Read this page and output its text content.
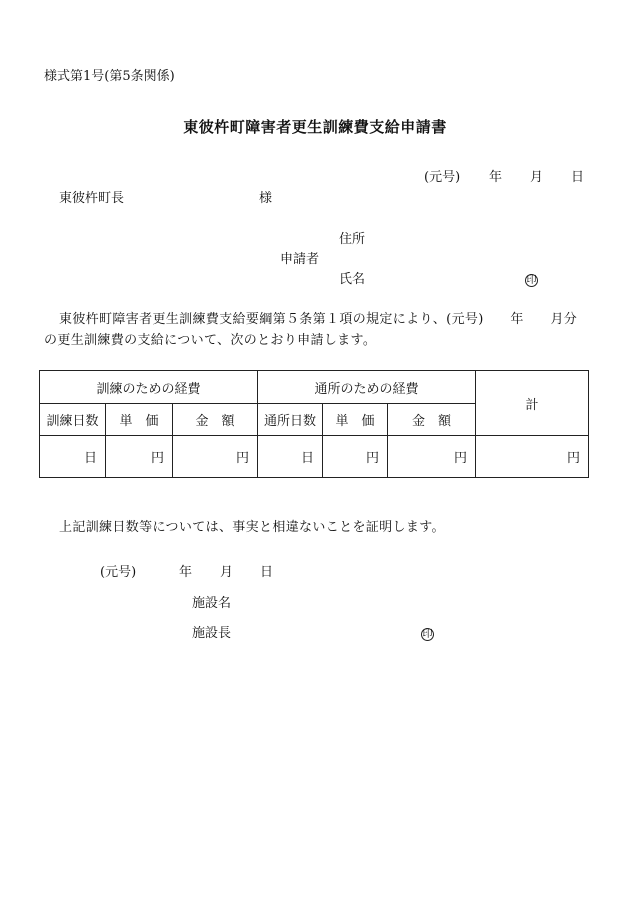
様式第1号(第5条関係)
東彼杵町障害者更生訓練費支給申請書
(元号) 年 月 日
東彼杵町長	様
住所
申請者
氏名	印
東彼杵町障害者更生訓練費支給要綱第５条第１項の規定により、(元号)　　年　　月分
の更生訓練費の支給について、次のとおり申請します。
訓練のための経費			通所のための経費			計
訓練日数	単　価	金　額	通所日数	単　価	金　額	
日	円	円	日	円	円	円
上記訓練日数等については、事実と相違ないことを証明します。
(元号)	年 月 日
施設名
施設長	印
